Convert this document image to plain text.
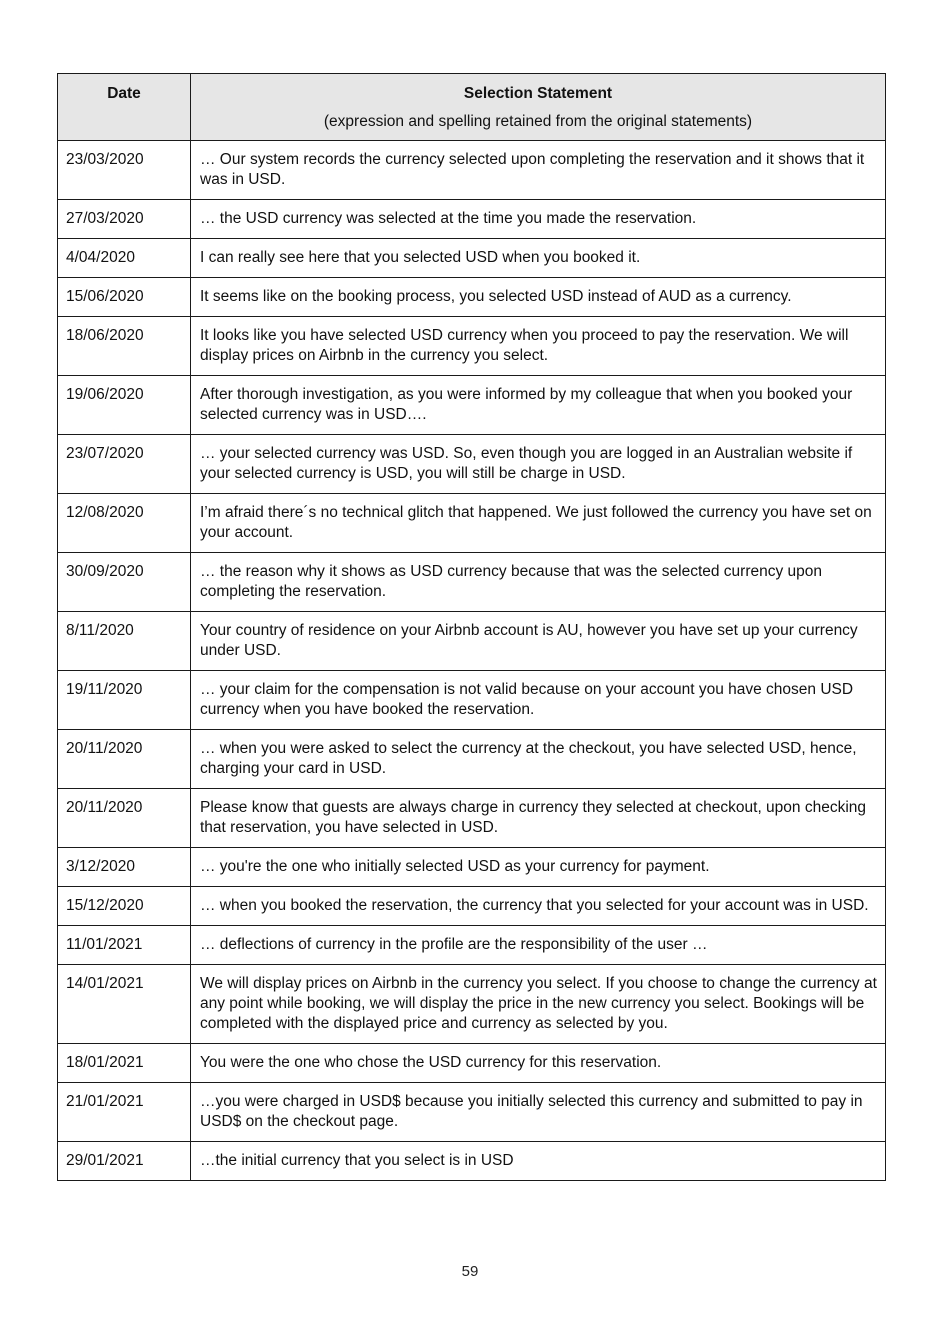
Date	Selection Statement
(expression and spelling retained from the original statements)

23/03/2020	… Our system records the currency selected upon completing the reservation and it shows that it was in USD.
27/03/2020	… the USD currency was selected at the time you made the reservation.
4/04/2020	I can really see here that you selected USD when you booked it.
15/06/2020	It seems like on the booking process, you selected USD instead of AUD as a currency.
18/06/2020	It looks like you have selected USD currency when you proceed to pay the reservation. We will display prices on Airbnb in the currency you select.
19/06/2020	After thorough investigation, as you were informed by my colleague that when you booked your selected currency was in USD….
23/07/2020	… your selected currency was USD. So, even though you are logged in an Australian website if your selected currency is USD, you will still be charge in USD.
12/08/2020	I’m afraid there´s no technical glitch that happened. We just followed the currency you have set on your account.
30/09/2020	… the reason why it shows as USD currency because that was the selected currency upon completing the reservation.
8/11/2020	Your country of residence on your Airbnb account is AU, however you have set up your currency under USD.
19/11/2020	… your claim for the compensation is not valid because on your account you have chosen USD currency when you have booked the reservation.
20/11/2020	… when you were asked to select the currency at the checkout, you have selected USD, hence, charging your card in USD.
20/11/2020	Please know that guests are always charge in currency they selected at checkout, upon checking that reservation, you have selected in USD.
3/12/2020	… you're the one who initially selected USD as your currency for payment.
15/12/2020	… when you booked the reservation, the currency that you selected for your account was in USD.
11/01/2021	… deflections of currency in the profile are the responsibility of the user …
14/01/2021	We will display prices on Airbnb in the currency you select. If you choose to change the currency at any point while booking, we will display the price in the new currency you select. Bookings will be completed with the displayed price and currency as selected by you.
18/01/2021	You were the one who chose the USD currency for this reservation.
21/01/2021	…you were charged in USD$ because you initially selected this currency and submitted to pay in USD$ on the checkout page.
29/01/2021	…the initial currency that you select is in USD
59
